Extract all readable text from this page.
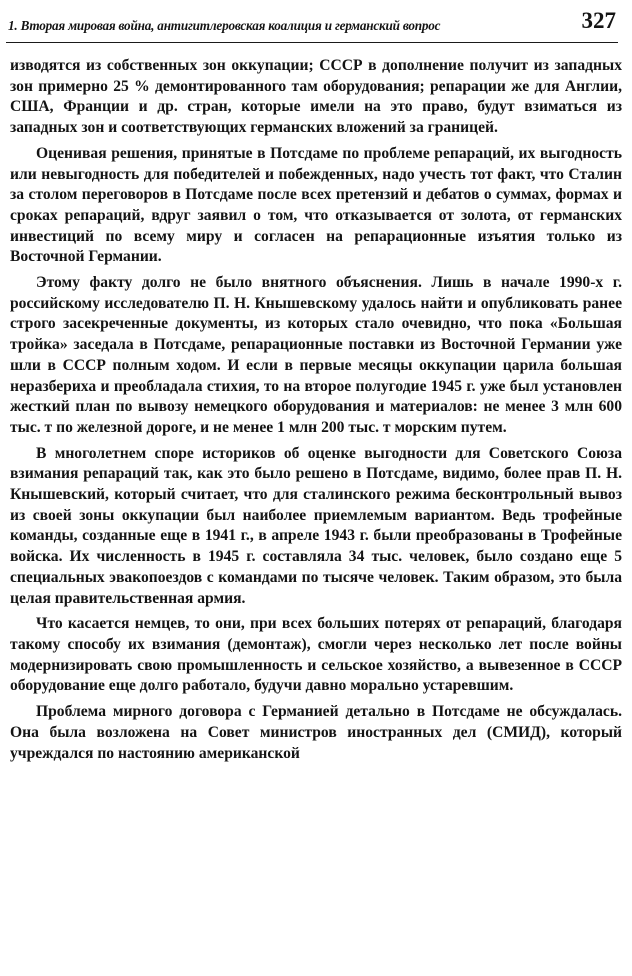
1. Вторая мировая война, антигитлеровская коалиция и германский вопрос	327

изводятся из собственных зон оккупации; СССР в дополнение получит из западных зон примерно 25 % демонтированного там оборудования; репарации же для Англии, США, Франции и др. стран, которые имели на это право, будут взиматься из западных зон и соответствующих германских вложений за границей.

Оценивая решения, принятые в Потсдаме по проблеме репараций, их выгодность или невыгодность для победителей и побежденных, надо учесть тот факт, что Сталин за столом переговоров в Потсдаме после всех претензий и дебатов о суммах, формах и сроках репараций, вдруг заявил о том, что отказывается от золота, от германских инвестиций по всему миру и согласен на репарационные изъятия только из Восточной Германии.

Этому факту долго не было внятного объяснения. Лишь в начале 1990-х г. российскому исследователю П. Н. Кнышевскому удалось найти и опубликовать ранее строго засекреченные документы, из которых стало очевидно, что пока «Большая тройка» заседала в Потсдаме, репарационные поставки из Восточной Германии уже шли в СССР полным ходом. И если в первые месяцы оккупации царила большая неразбериха и преобладала стихия, то на второе полугодие 1945 г. уже был установлен жесткий план по вывозу немецкого оборудования и материалов: не менее 3 млн 600 тыс. т по железной дороге, и не менее 1 млн 200 тыс. т морским путем.

В многолетнем споре историков об оценке выгодности для Советского Союза взимания репараций так, как это было решено в Потсдаме, видимо, более прав П. Н. Кнышевский, который считает, что для сталинского режима бесконтрольный вывоз из своей зоны оккупации был наиболее приемлемым вариантом. Ведь трофейные команды, созданные еще в 1941 г., в апреле 1943 г. были преобразованы в Трофейные войска. Их численность в 1945 г. составляла 34 тыс. человек, было создано еще 5 специальных эвакопоездов с командами по тысяче человек. Таким образом, это была целая правительственная армия.

Что касается немцев, то они, при всех больших потерях от репараций, благодаря такому способу их взимания (демонтаж), смогли через несколько лет после войны модернизировать свою промышленность и сельское хозяйство, а вывезенное в СССР оборудование еще долго работало, будучи давно морально устаревшим.

Проблема мирного договора с Германией детально в Потсдаме не обсуждалась. Она была возложена на Совет министров иностранных дел (СМИД), который учреждался по настоянию американской
